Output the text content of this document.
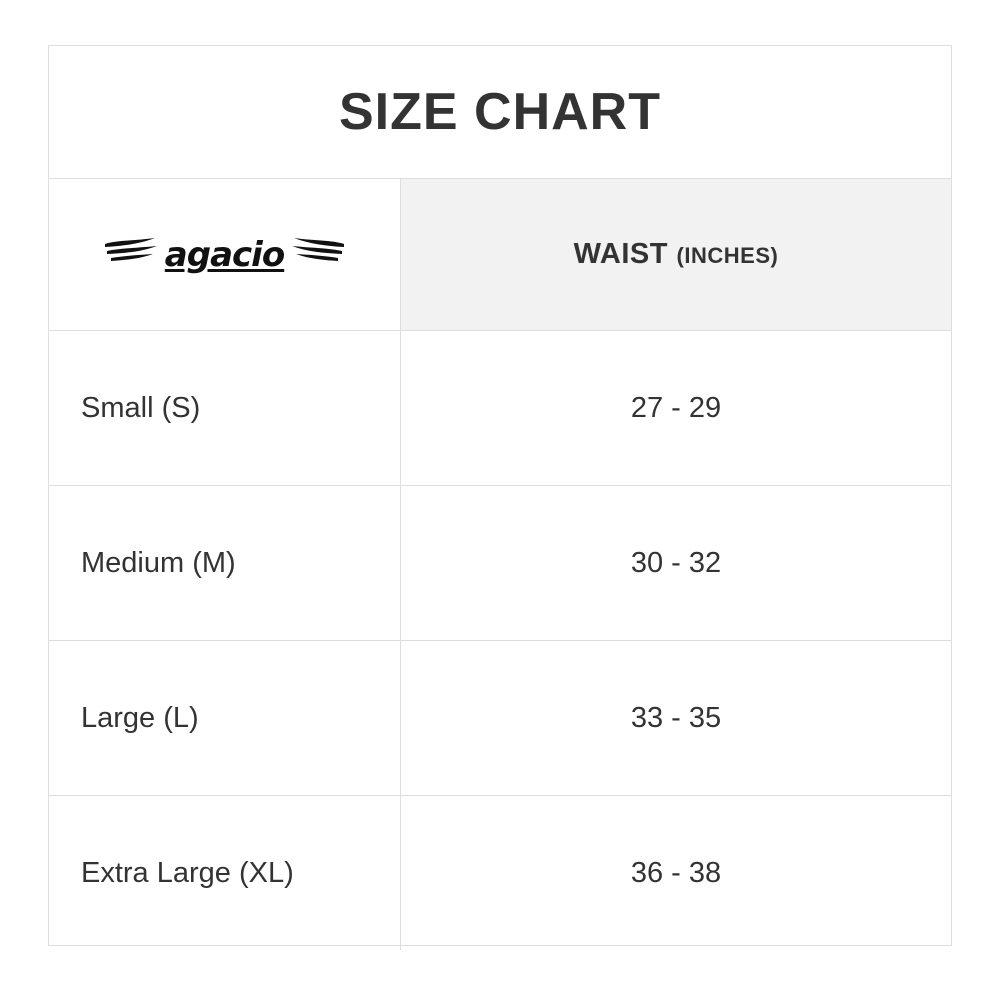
SIZE CHART
agacio	WAIST (INCHES)
Small (S)	27 - 29
Medium (M)	30 - 32
Large (L)	33 - 35
Extra Large (XL)	36 - 38
